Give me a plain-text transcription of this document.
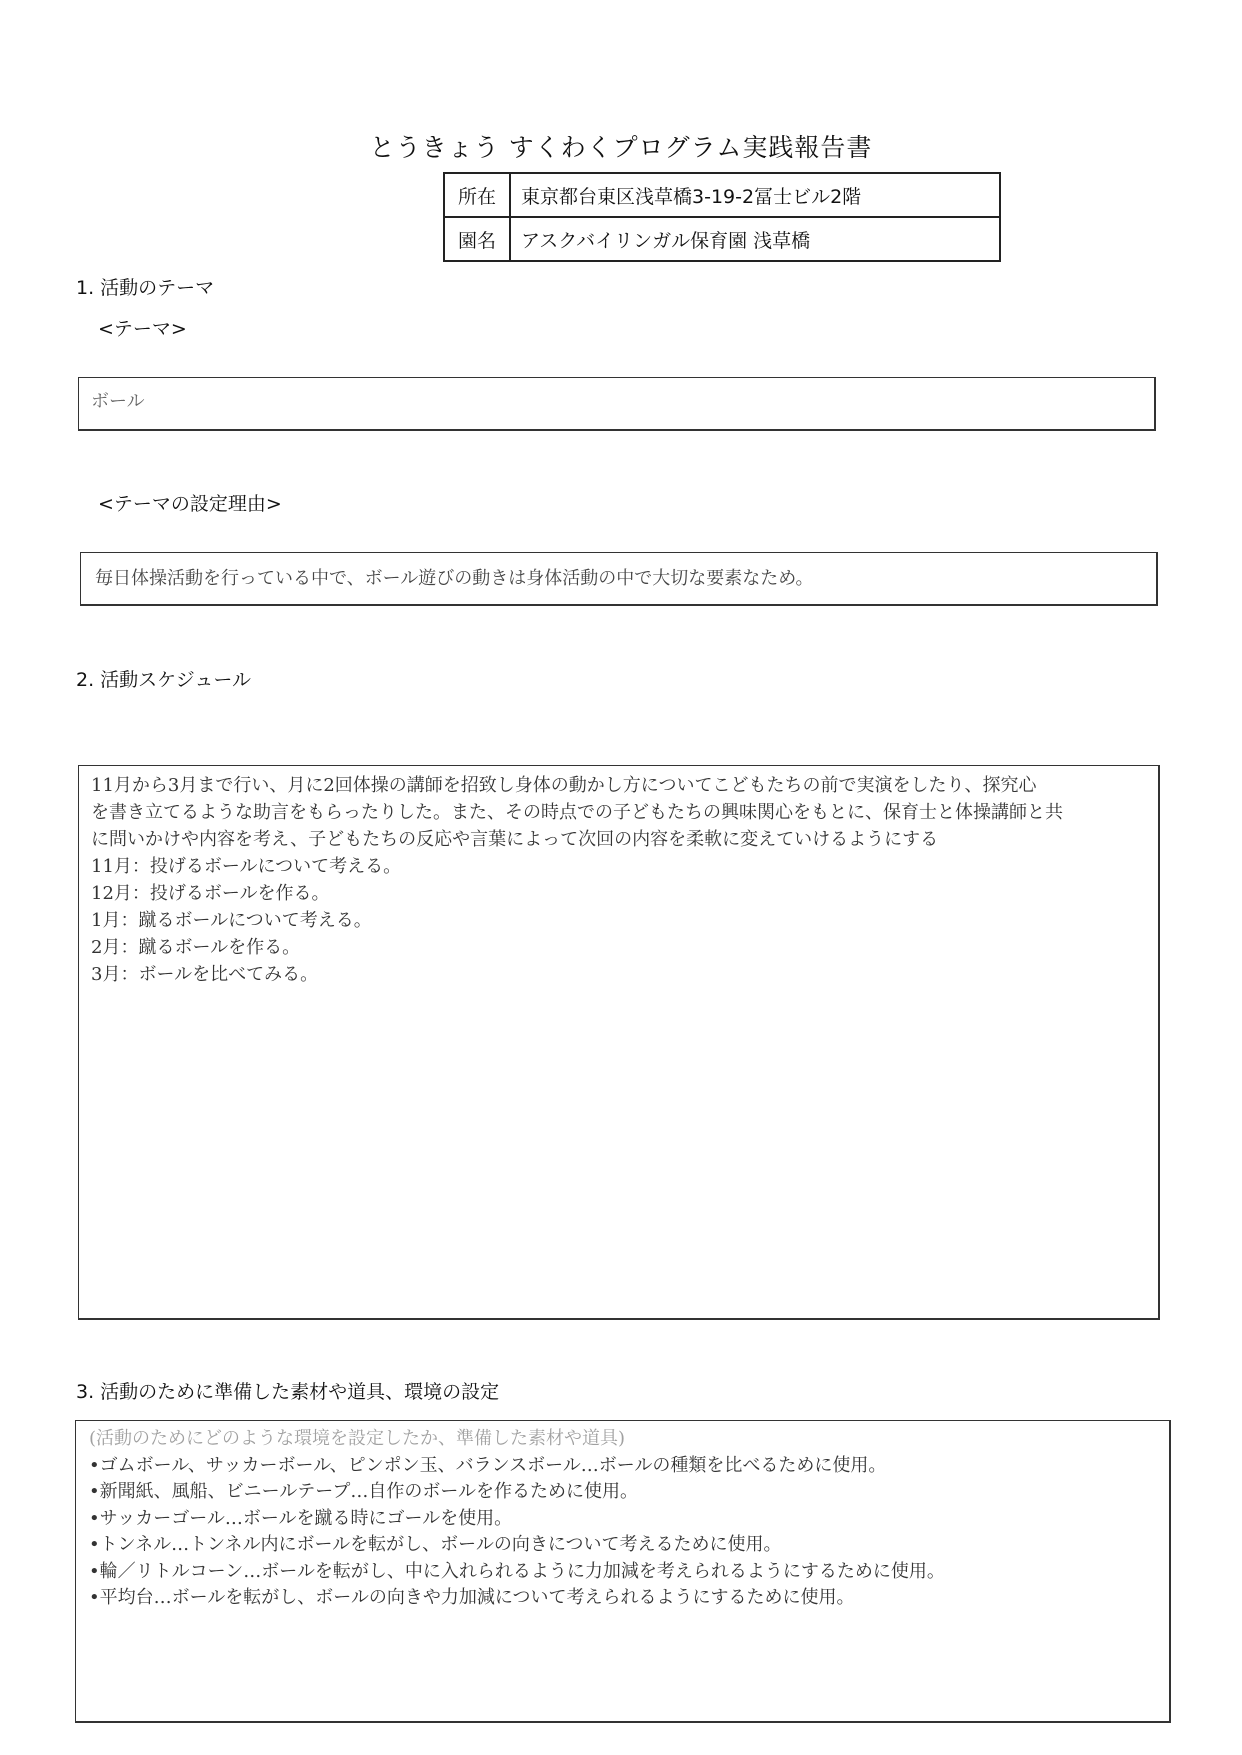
とうきょう すくわくプログラム実践報告書
所在	東京都台東区浅草橋3-19-2冨士ビル2階
園名	アスクバイリンガル保育園 浅草橋
1. 活動のテーマ
<テーマ>
ボール
<テーマの設定理由>
毎日体操活動を行っている中で、ボール遊びの動きは身体活動の中で大切な要素なため。
2. 活動スケジュール
11月から3月まで行い、月に2回体操の講師を招致し身体の動かし方についてこどもたちの前で実演をしたり、探究心
を書き立てるような助言をもらったりした。また、その時点での子どもたちの興味関心をもとに、保育士と体操講師と共
に問いかけや内容を考え、子どもたちの反応や言葉によって次回の内容を柔軟に変えていけるようにする
11月：投げるボールについて考える。
12月：投げるボールを作る。
1月：蹴るボールについて考える。
2月：蹴るボールを作る。
3月：ボールを比べてみる。
3. 活動のために準備した素材や道具、環境の設定
(活動のためにどのような環境を設定したか、準備した素材や道具)
•ゴムボール、サッカーボール、ピンポン玉、バランスボール…ボールの種類を比べるために使用。
•新聞紙、風船、ビニールテープ…自作のボールを作るために使用。
•サッカーゴール…ボールを蹴る時にゴールを使用。
•トンネル…トンネル内にボールを転がし、ボールの向きについて考えるために使用。
•輪／リトルコーン…ボールを転がし、中に入れられるように力加減を考えられるようにするために使用。
•平均台…ボールを転がし、ボールの向きや力加減について考えられるようにするために使用。
